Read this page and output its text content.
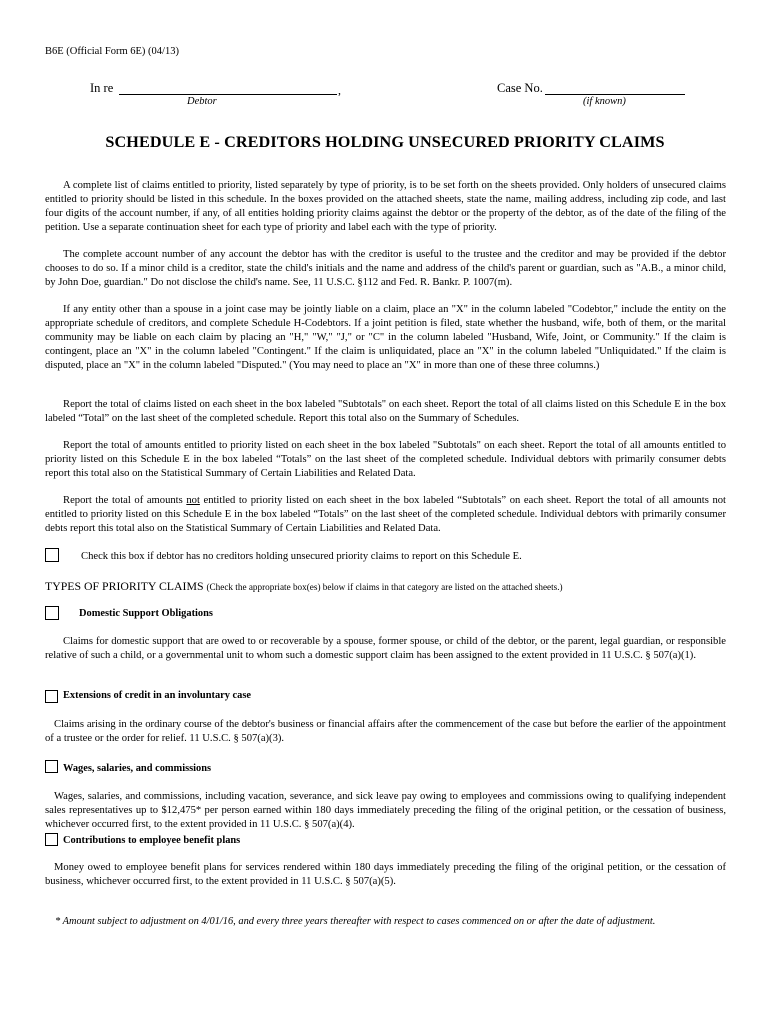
B6E (Official Form 6E) (04/13)
In re	,
Debtor
Case No.
(if known)
SCHEDULE E - CREDITORS HOLDING UNSECURED PRIORITY CLAIMS
A complete list of claims entitled to priority, listed separately by type of priority, is to be set forth on the sheets provided. Only holders of unsecured claims entitled to priority should be listed in this schedule. In the boxes provided on the attached sheets, state the name, mailing address, including zip code, and last four digits of the account number, if any, of all entities holding priority claims against the debtor or the property of the debtor, as of the date of the filing of the petition. Use a separate continuation sheet for each type of priority and label each with the type of priority.
The complete account number of any account the debtor has with the creditor is useful to the trustee and the creditor and may be provided if the debtor chooses to do so. If a minor child is a creditor, state the child's initials and the name and address of the child's parent or guardian, such as "A.B., a minor child, by John Doe, guardian." Do not disclose the child's name. See, 11 U.S.C. §112 and Fed. R. Bankr. P. 1007(m).
If any entity other than a spouse in a joint case may be jointly liable on a claim, place an "X" in the column labeled "Codebtor," include the entity on the appropriate schedule of creditors, and complete Schedule H-Codebtors. If a joint petition is filed, state whether the husband, wife, both of them, or the marital community may be liable on each claim by placing an "H," "W," "J," or "C" in the column labeled "Husband, Wife, Joint, or Community." If the claim is contingent, place an "X" in the column labeled "Contingent." If the claim is unliquidated, place an "X" in the column labeled "Unliquidated." If the claim is disputed, place an "X" in the column labeled "Disputed." (You may need to place an "X" in more than one of these three columns.)
Report the total of claims listed on each sheet in the box labeled "Subtotals" on each sheet. Report the total of all claims listed on this Schedule E in the box labeled “Total” on the last sheet of the completed schedule. Report this total also on the Summary of Schedules.
Report the total of amounts entitled to priority listed on each sheet in the box labeled "Subtotals" on each sheet. Report the total of all amounts entitled to priority listed on this Schedule E in the box labeled “Totals” on the last sheet of the completed schedule. Individual debtors with primarily consumer debts report this total also on the Statistical Summary of Certain Liabilities and Related Data.
Report the total of amounts not entitled to priority listed on each sheet in the box labeled “Subtotals” on each sheet. Report the total of all amounts not entitled to priority listed on this Schedule E in the box labeled “Totals” on the last sheet of the completed schedule. Individual debtors with primarily consumer debts report this total also on the Statistical Summary of Certain Liabilities and Related Data.
Check this box if debtor has no creditors holding unsecured priority claims to report on this Schedule E.
TYPES OF PRIORITY CLAIMS (Check the appropriate box(es) below if claims in that category are listed on the attached sheets.)
Domestic Support Obligations
Claims for domestic support that are owed to or recoverable by a spouse, former spouse, or child of the debtor, or the parent, legal guardian, or responsible relative of such a child, or a governmental unit to whom such a domestic support claim has been assigned to the extent provided in 11 U.S.C. § 507(a)(1).
Extensions of credit in an involuntary case
Claims arising in the ordinary course of the debtor's business or financial affairs after the commencement of the case but before the earlier of the appointment of a trustee or the order for relief. 11 U.S.C. § 507(a)(3).
Wages, salaries, and commissions
Wages, salaries, and commissions, including vacation, severance, and sick leave pay owing to employees and commissions owing to qualifying independent sales representatives up to $12,475* per person earned within 180 days immediately preceding the filing of the original petition, or the cessation of business, whichever occurred first, to the extent provided in 11 U.S.C. § 507(a)(4).
Contributions to employee benefit plans
Money owed to employee benefit plans for services rendered within 180 days immediately preceding the filing of the original petition, or the cessation of business, whichever occurred first, to the extent provided in 11 U.S.C. § 507(a)(5).
* Amount subject to adjustment on 4/01/16, and every three years thereafter with respect to cases commenced on or after the date of adjustment.
